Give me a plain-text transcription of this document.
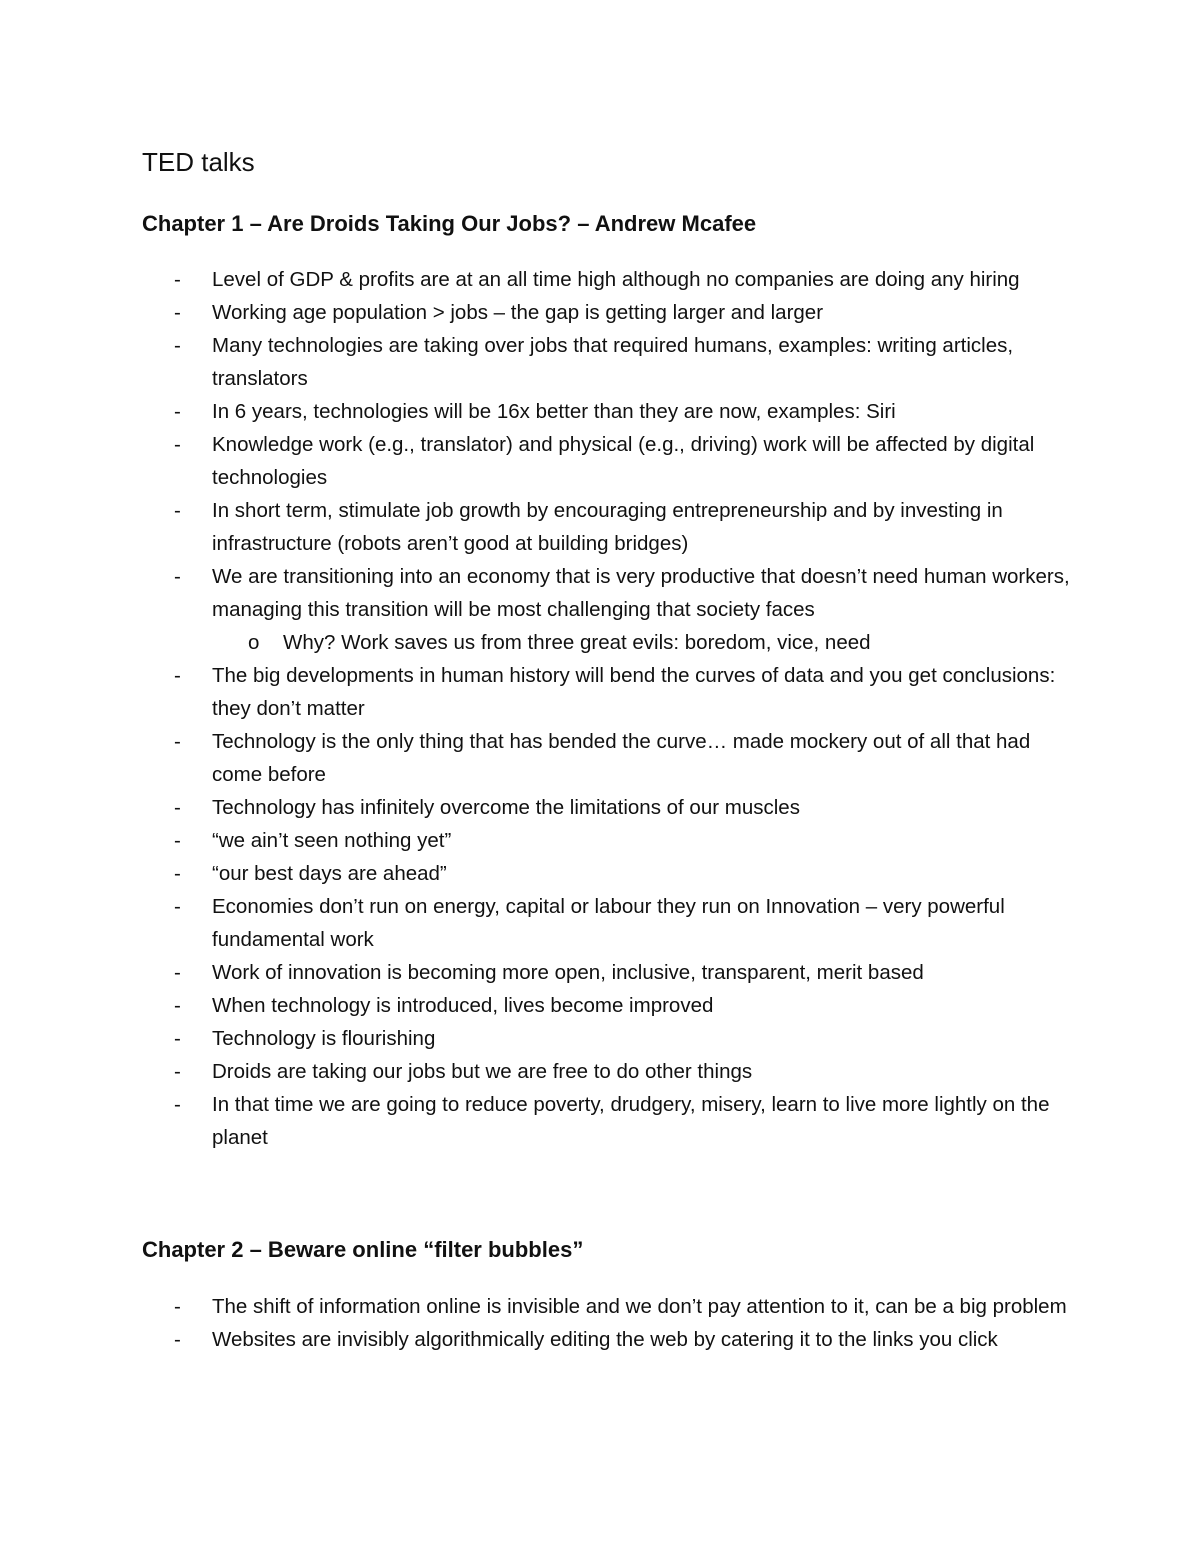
TED talks
Chapter 1 – Are Droids Taking Our Jobs? – Andrew Mcafee
- Level of GDP & profits are at an all time high although no companies are doing any hiring
- Working age population > jobs – the gap is getting larger and larger
- Many technologies are taking over jobs that required humans, examples: writing articles, translators
- In 6 years, technologies will be 16x better than they are now, examples: Siri
- Knowledge work (e.g., translator) and physical (e.g., driving) work will be affected by digital technologies
- In short term, stimulate job growth by encouraging entrepreneurship and by investing in infrastructure (robots aren’t good at building bridges)
- We are transitioning into an economy that is very productive that doesn’t need human workers, managing this transition will be most challenging that society faces
o Why? Work saves us from three great evils: boredom, vice, need
- The big developments in human history will bend the curves of data and you get conclusions: they don’t matter
- Technology is the only thing that has bended the curve… made mockery out of all that had come before
- Technology has infinitely overcome the limitations of our muscles
- “we ain’t seen nothing yet”
- “our best days are ahead”
- Economies don’t run on energy, capital or labour they run on Innovation – very powerful fundamental work
- Work of innovation is becoming more open, inclusive, transparent, merit based
- When technology is introduced, lives become improved
- Technology is flourishing
- Droids are taking our jobs but we are free to do other things
- In that time we are going to reduce poverty, drudgery, misery, learn to live more lightly on the planet
Chapter 2 – Beware online “filter bubbles”
- The shift of information online is invisible and we don’t pay attention to it, can be a big problem
- Websites are invisibly algorithmically editing the web by catering it to the links you click
